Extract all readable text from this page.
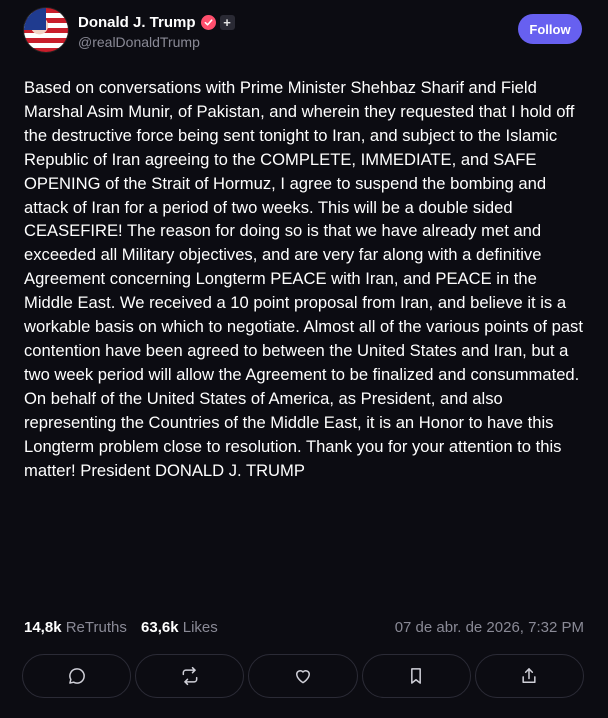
Donald J. Trump +
@realDonaldTrump
Follow

Based on conversations with Prime Minister Shehbaz Sharif and Field Marshal Asim Munir, of Pakistan, and wherein they requested that I hold off the destructive force being sent tonight to Iran, and subject to the Islamic Republic of Iran agreeing to the COMPLETE, IMMEDIATE, and SAFE OPENING of the Strait of Hormuz, I agree to suspend the bombing and attack of Iran for a period of two weeks. This will be a double sided CEASEFIRE! The reason for doing so is that we have already met and exceeded all Military objectives, and are very far along with a definitive Agreement concerning Longterm PEACE with Iran, and PEACE in the Middle East. We received a 10 point proposal from Iran, and believe it is a workable basis on which to negotiate. Almost all of the various points of past contention have been agreed to between the United States and Iran, but a two week period will allow the Agreement to be finalized and consummated. On behalf of the United States of America, as President, and also representing the Countries of the Middle East, it is an Honor to have this Longterm problem close to resolution. Thank you for your attention to this matter! President DONALD J. TRUMP

14,8k ReTruths 63,6k Likes	07 de abr. de 2026, 7:32 PM
